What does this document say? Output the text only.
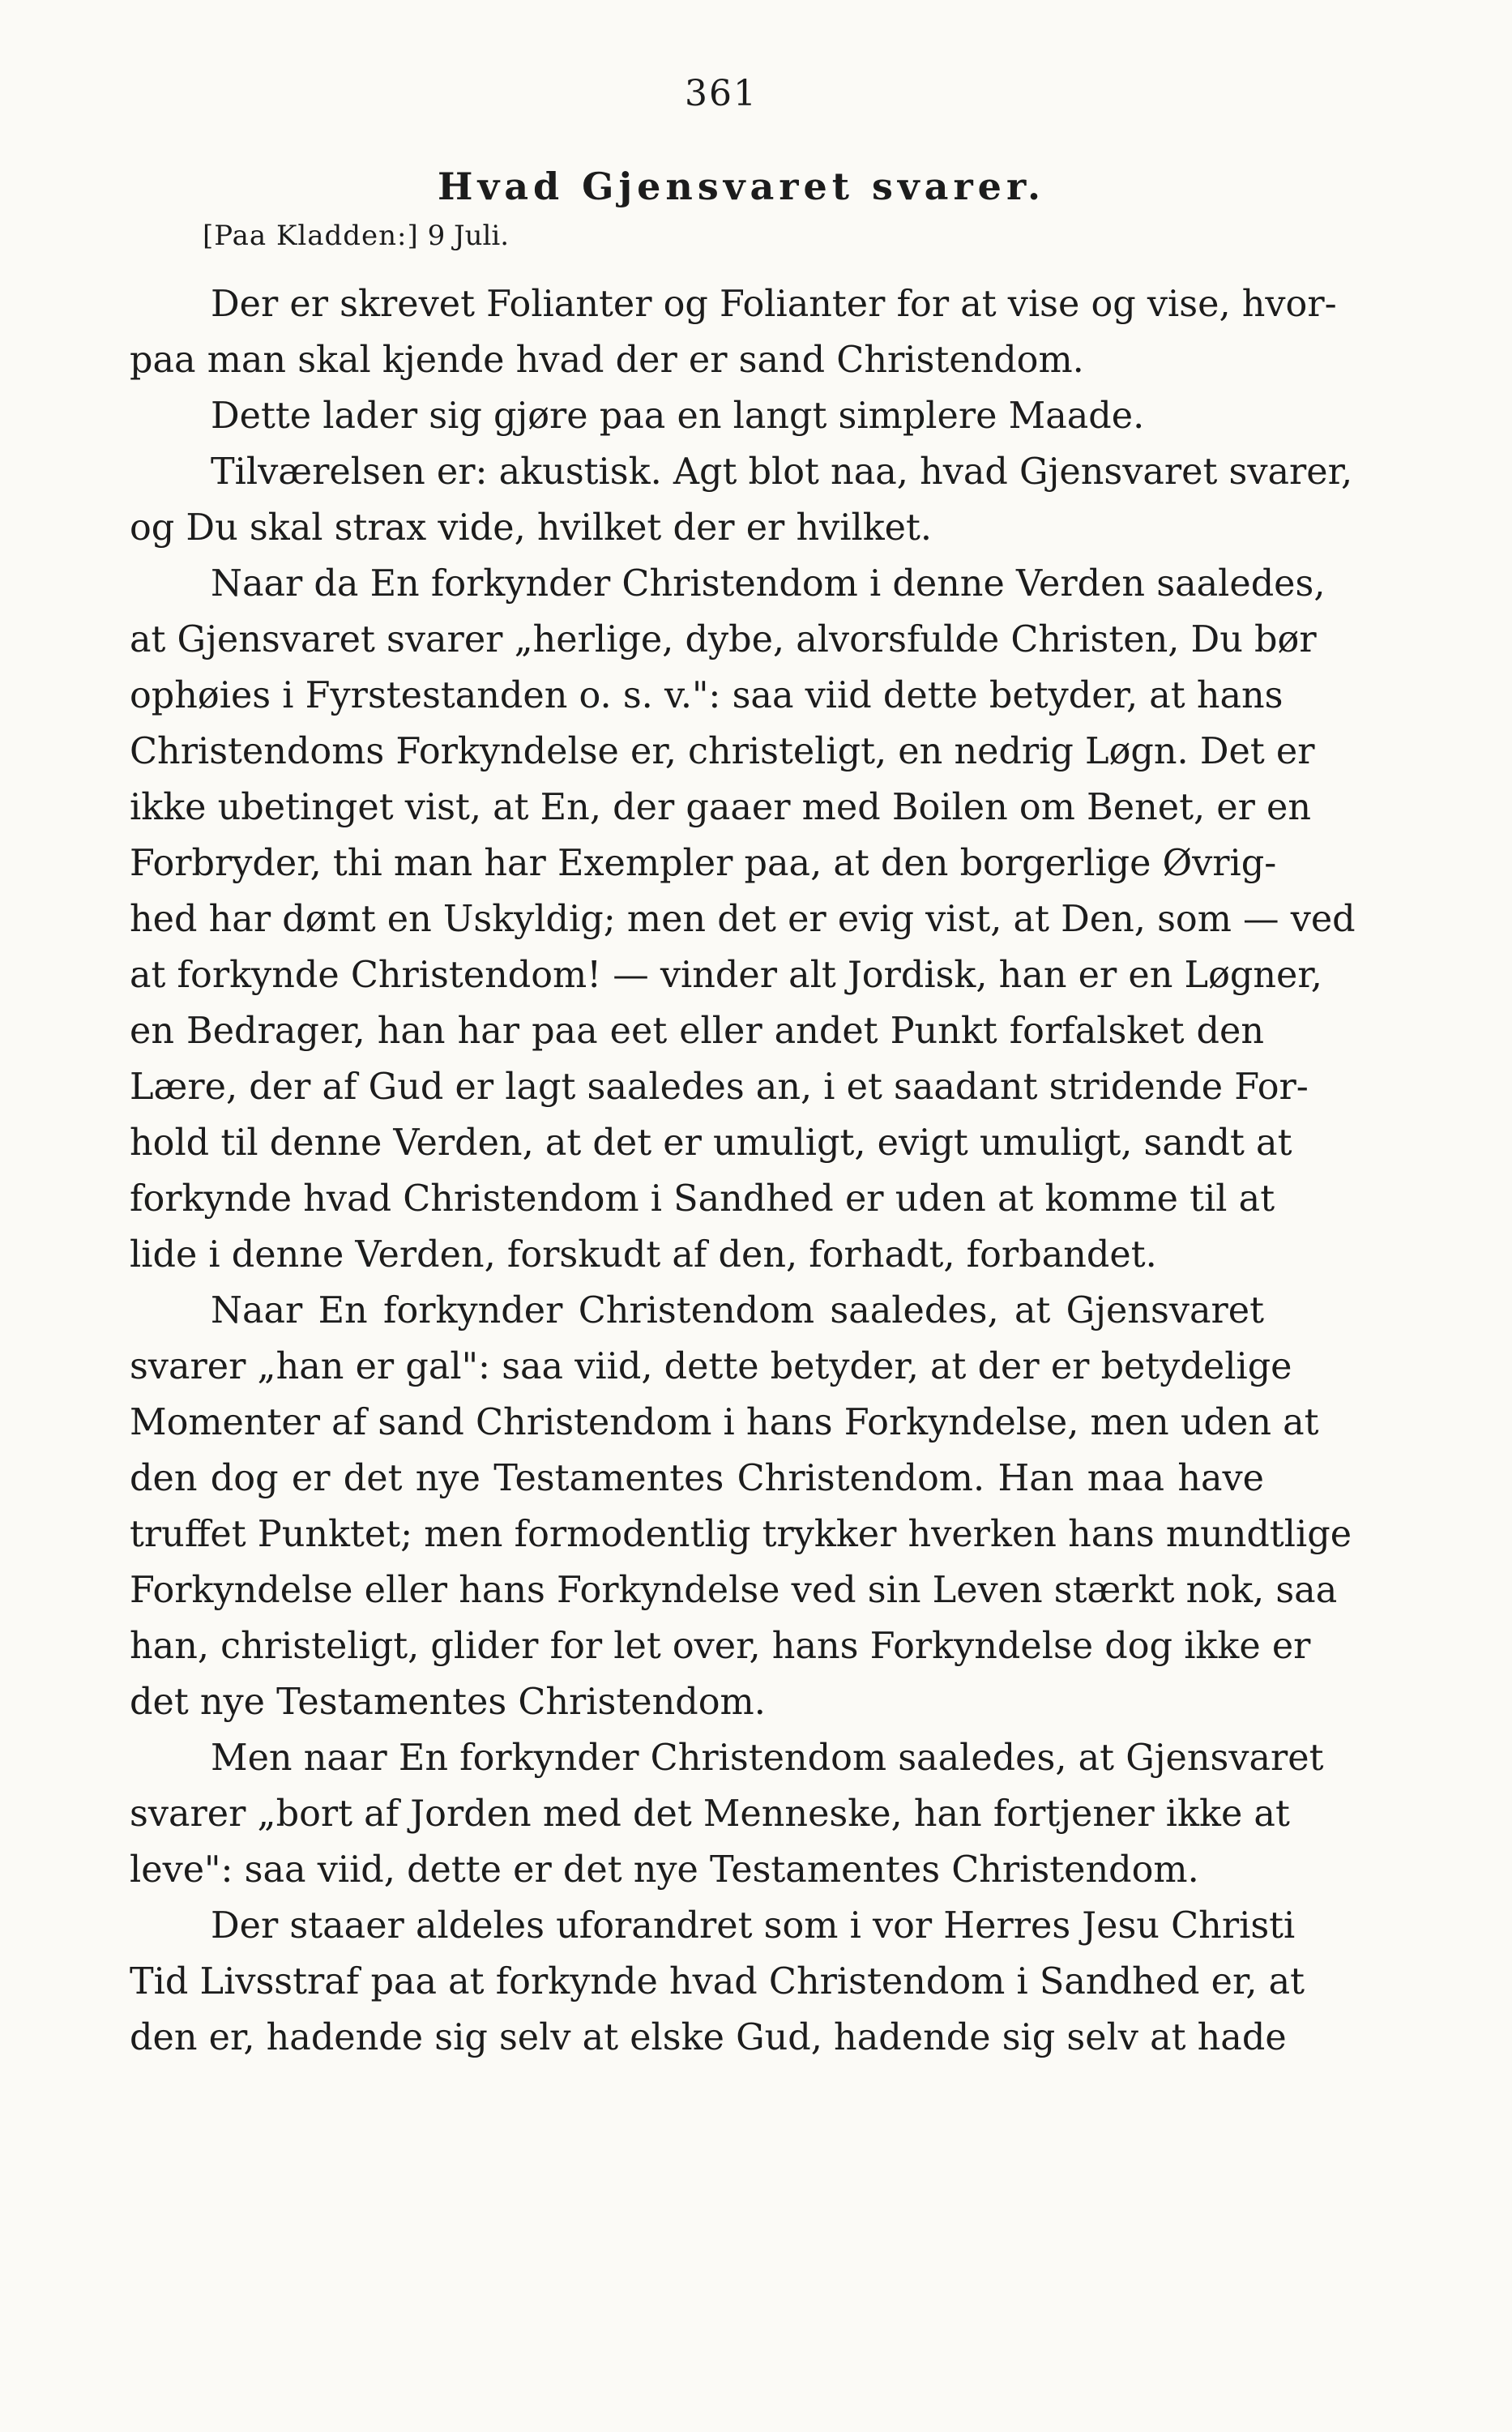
361
Hvad Gjensvaret svarer.
[Paa Kladden:] 9 Juli.
Der er skrevet Folianter og Folianter for at vise og vise, hvor-
paa man skal kjende hvad der er sand Christendom.
Dette lader sig gjøre paa en langt simplere Maade.
Tilværelsen er: akustisk. Agt blot naa, hvad Gjensvaret svarer,
og Du skal strax vide, hvilket der er hvilket.
Naar da En forkynder Christendom i denne Verden saaledes,
at Gjensvaret svarer „herlige, dybe, alvorsfulde Christen, Du bør
ophøies i Fyrstestanden o. s. v.": saa viid dette betyder, at hans
Christendoms Forkyndelse er, christeligt, en nedrig Løgn. Det er
ikke ubetinget vist, at En, der gaaer med Boilen om Benet, er en
Forbryder, thi man har Exempler paa, at den borgerlige Øvrig-
hed har dømt en Uskyldig; men det er evig vist, at Den, som — ved
at forkynde Christendom! — vinder alt Jordisk, han er en Løgner,
en Bedrager, han har paa eet eller andet Punkt forfalsket den
Lære, der af Gud er lagt saaledes an, i et saadant stridende For-
hold til denne Verden, at det er umuligt, evigt umuligt, sandt at
forkynde hvad Christendom i Sandhed er uden at komme til at
lide i denne Verden, forskudt af den, forhadt, forbandet.
Naar En forkynder Christendom saaledes, at Gjensvaret
svarer „han er gal": saa viid, dette betyder, at der er betydelige
Momenter af sand Christendom i hans Forkyndelse, men uden at
den dog er det nye Testamentes Christendom. Han maa have
truffet Punktet; men formodentlig trykker hverken hans mundtlige
Forkyndelse eller hans Forkyndelse ved sin Leven stærkt nok, saa
han, christeligt, glider for let over, hans Forkyndelse dog ikke er
det nye Testamentes Christendom.
Men naar En forkynder Christendom saaledes, at Gjensvaret
svarer „bort af Jorden med det Menneske, han fortjener ikke at
leve": saa viid, dette er det nye Testamentes Christendom.
Der staaer aldeles uforandret som i vor Herres Jesu Christi
Tid Livsstraf paa at forkynde hvad Christendom i Sandhed er, at
den er, hadende sig selv at elske Gud, hadende sig selv at hade
